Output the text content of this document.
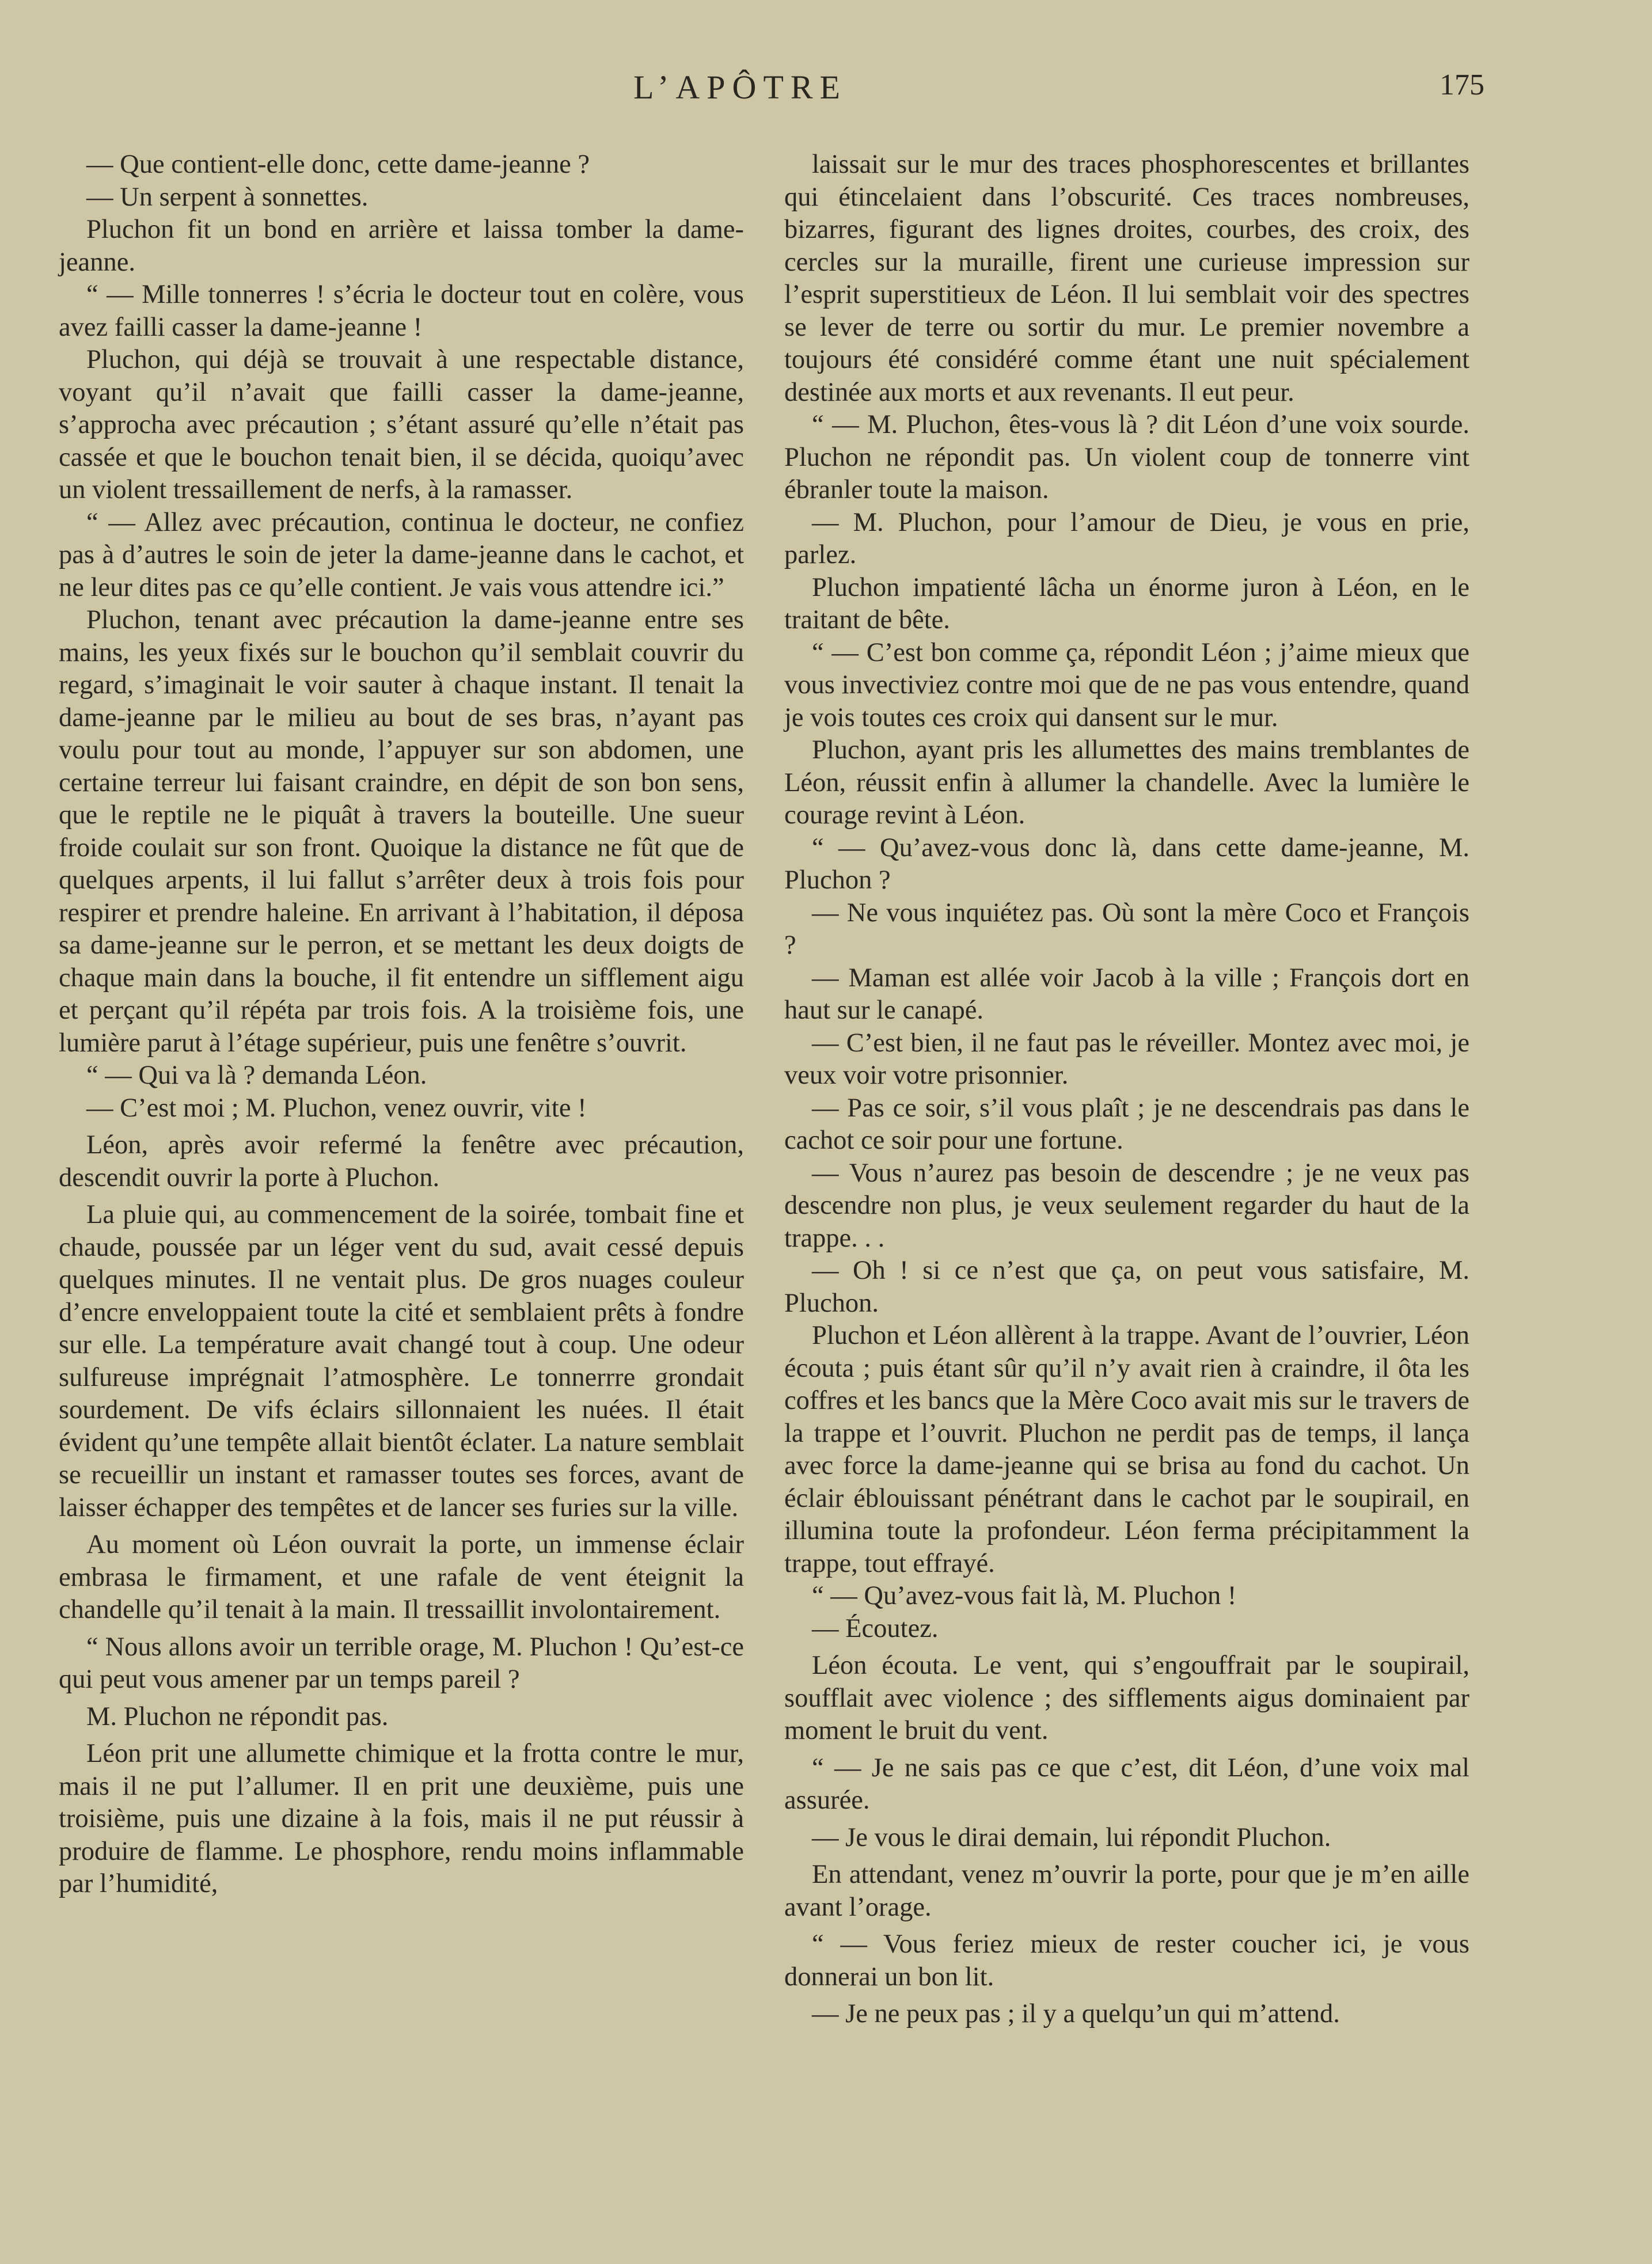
L’APÔTRE	175

— Que contient-elle donc, cette dame-jeanne ?

— Un serpent à sonnettes.

Pluchon fit un bond en arrière et laissa tomber la dame-jeanne.

“ — Mille tonnerres ! s’écria le docteur tout en colère, vous avez failli casser la dame-jeanne !

Pluchon, qui déjà se trouvait à une respectable distance, voyant qu’il n’avait que failli casser la dame-jeanne, s’approcha avec précaution ; s’étant assuré qu’elle n’était pas cassée et que le bouchon tenait bien, il se décida, quoiqu’avec un violent tressaillement de nerfs, à la ramasser.

“ — Allez avec précaution, continua le docteur, ne confiez pas à d’autres le soin de jeter la dame-jeanne dans le cachot, et ne leur dites pas ce qu’elle contient. Je vais vous attendre ici.”

Pluchon, tenant avec précaution la dame-jeanne entre ses mains, les yeux fixés sur le bouchon qu’il semblait couvrir du regard, s’imaginait le voir sauter à chaque instant. Il tenait la dame-jeanne par le milieu au bout de ses bras, n’ayant pas voulu pour tout au monde, l’appuyer sur son abdomen, une certaine terreur lui faisant craindre, en dépit de son bon sens, que le reptile ne le piquât à travers la bouteille. Une sueur froide coulait sur son front. Quoique la distance ne fût que de quelques arpents, il lui fallut s’arrêter deux à trois fois pour respirer et prendre haleine. En arrivant à l’habitation, il déposa sa dame-jeanne sur le perron, et se mettant les deux doigts de chaque main dans la bouche, il fit entendre un sifflement aigu et perçant qu’il répéta par trois fois. A la troisième fois, une lumière parut à l’étage supérieur, puis une fenêtre s’ouvrit.

“ — Qui va là ? demanda Léon.

— C’est moi ; M. Pluchon, venez ouvrir, vite !

Léon, après avoir refermé la fenêtre avec précaution, descendit ouvrir la porte à Pluchon.

La pluie qui, au commencement de la soirée, tombait fine et chaude, poussée par un léger vent du sud, avait cessé depuis quelques minutes. Il ne ventait plus. De gros nuages couleur d’encre enveloppaient toute la cité et semblaient prêts à fondre sur elle. La température avait changé tout à coup. Une odeur sulfureuse imprégnait l’atmosphère. Le tonnerrre grondait sourdement. De vifs éclairs sillonnaient les nuées. Il était évident qu’une tempête allait bientôt éclater. La nature semblait se recueillir un instant et ramasser toutes ses forces, avant de laisser échapper des tempêtes et de lancer ses furies sur la ville.

Au moment où Léon ouvrait la porte, un immense éclair embrasa le firmament, et une rafale de vent éteignit la chandelle qu’il tenait à la main. Il tressaillit involontairement.

“ Nous allons avoir un terrible orage, M. Pluchon ! Qu’est-ce qui peut vous amener par un temps pareil ?

M. Pluchon ne répondit pas.

Léon prit une allumette chimique et la frotta contre le mur, mais il ne put l’allumer. Il en prit une deuxième, puis une troisième, puis une dizaine à la fois, mais il ne put réussir à produire de flamme. Le phosphore, rendu moins inflammable par l’humidité,

laissait sur le mur des traces phosphorescentes et brillantes qui étincelaient dans l’obscurité. Ces traces nombreuses, bizarres, figurant des lignes droites, courbes, des croix, des cercles sur la muraille, firent une curieuse impression sur l’esprit superstitieux de Léon. Il lui semblait voir des spectres se lever de terre ou sortir du mur. Le premier novembre a toujours été considéré comme étant une nuit spécialement destinée aux morts et aux revenants. Il eut peur.

“ — M. Pluchon, êtes-vous là ? dit Léon d’une voix sourde. Pluchon ne répondit pas. Un violent coup de tonnerre vint ébranler toute la maison.

— M. Pluchon, pour l’amour de Dieu, je vous en prie, parlez.

Pluchon impatienté lâcha un énorme juron à Léon, en le traitant de bête.

“ — C’est bon comme ça, répondit Léon ; j’aime mieux que vous invectiviez contre moi que de ne pas vous entendre, quand je vois toutes ces croix qui dansent sur le mur.

Pluchon, ayant pris les allumettes des mains tremblantes de Léon, réussit enfin à allumer la chandelle. Avec la lumière le courage revint à Léon.

“ — Qu’avez-vous donc là, dans cette dame-jeanne, M. Pluchon ?

— Ne vous inquiétez pas. Où sont la mère Coco et François ?

— Maman est allée voir Jacob à la ville ; François dort en haut sur le canapé.

— C’est bien, il ne faut pas le réveiller. Montez avec moi, je veux voir votre prisonnier.

— Pas ce soir, s’il vous plaît ; je ne descendrais pas dans le cachot ce soir pour une fortune.

— Vous n’aurez pas besoin de descendre ; je ne veux pas descendre non plus, je veux seulement regarder du haut de la trappe. . .

— Oh ! si ce n’est que ça, on peut vous satisfaire, M. Pluchon.

Pluchon et Léon allèrent à la trappe. Avant de l’ouvrier, Léon écouta ; puis étant sûr qu’il n’y avait rien à craindre, il ôta les coffres et les bancs que la Mère Coco avait mis sur le travers de la trappe et l’ouvrit. Pluchon ne perdit pas de temps, il lança avec force la dame-jeanne qui se brisa au fond du cachot. Un éclair éblouissant pénétrant dans le cachot par le soupirail, en illumina toute la profondeur. Léon ferma précipitamment la trappe, tout effrayé.

“ — Qu’avez-vous fait là, M. Pluchon !

— Écoutez.

Léon écouta. Le vent, qui s’engouffrait par le soupirail, soufflait avec violence ; des sifflements aigus dominaient par moment le bruit du vent.

“ — Je ne sais pas ce que c’est, dit Léon, d’une voix mal assurée.

— Je vous le dirai demain, lui répondit Pluchon.

En attendant, venez m’ouvrir la porte, pour que je m’en aille avant l’orage.

“ — Vous feriez mieux de rester coucher ici, je vous donnerai un bon lit.

— Je ne peux pas ; il y a quelqu’un qui m’attend.
